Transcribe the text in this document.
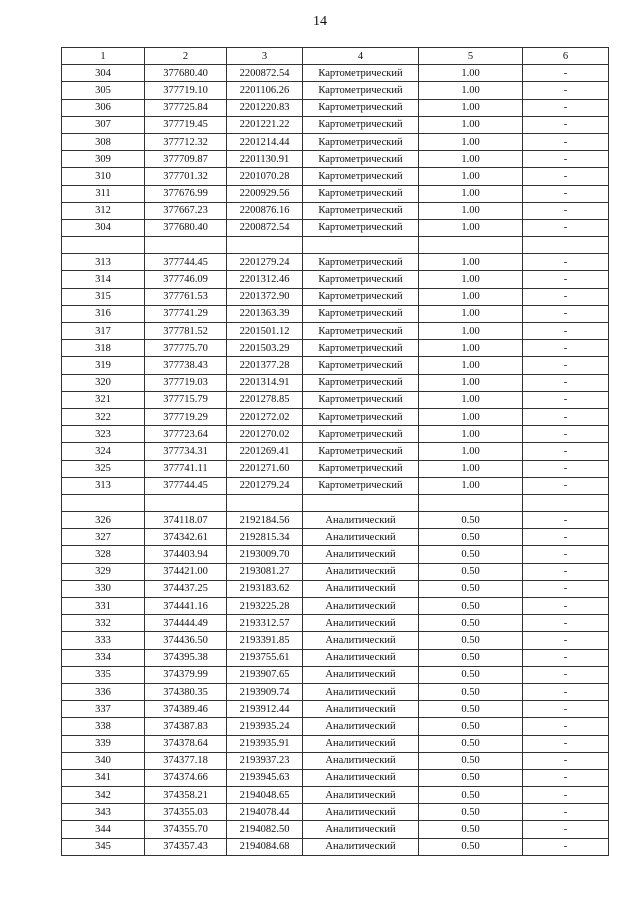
14
1	2	3	4	5	6
304	377680.40	2200872.54	Картометрический	1.00	-
305	377719.10	2201106.26	Картометрический	1.00	-
306	377725.84	2201220.83	Картометрический	1.00	-
307	377719.45	2201221.22	Картометрический	1.00	-
308	377712.32	2201214.44	Картометрический	1.00	-
309	377709.87	2201130.91	Картометрический	1.00	-
310	377701.32	2201070.28	Картометрический	1.00	-
311	377676.99	2200929.56	Картометрический	1.00	-
312	377667.23	2200876.16	Картометрический	1.00	-
304	377680.40	2200872.54	Картометрический	1.00	-

313	377744.45	2201279.24	Картометрический	1.00	-
314	377746.09	2201312.46	Картометрический	1.00	-
315	377761.53	2201372.90	Картометрический	1.00	-
316	377741.29	2201363.39	Картометрический	1.00	-
317	377781.52	2201501.12	Картометрический	1.00	-
318	377775.70	2201503.29	Картометрический	1.00	-
319	377738.43	2201377.28	Картометрический	1.00	-
320	377719.03	2201314.91	Картометрический	1.00	-
321	377715.79	2201278.85	Картометрический	1.00	-
322	377719.29	2201272.02	Картометрический	1.00	-
323	377723.64	2201270.02	Картометрический	1.00	-
324	377734.31	2201269.41	Картометрический	1.00	-
325	377741.11	2201271.60	Картометрический	1.00	-
313	377744.45	2201279.24	Картометрический	1.00	-

326	374118.07	2192184.56	Аналитический	0.50	-
327	374342.61	2192815.34	Аналитический	0.50	-
328	374403.94	2193009.70	Аналитический	0.50	-
329	374421.00	2193081.27	Аналитический	0.50	-
330	374437.25	2193183.62	Аналитический	0.50	-
331	374441.16	2193225.28	Аналитический	0.50	-
332	374444.49	2193312.57	Аналитический	0.50	-
333	374436.50	2193391.85	Аналитический	0.50	-
334	374395.38	2193755.61	Аналитический	0.50	-
335	374379.99	2193907.65	Аналитический	0.50	-
336	374380.35	2193909.74	Аналитический	0.50	-
337	374389.46	2193912.44	Аналитический	0.50	-
338	374387.83	2193935.24	Аналитический	0.50	-
339	374378.64	2193935.91	Аналитический	0.50	-
340	374377.18	2193937.23	Аналитический	0.50	-
341	374374.66	2193945.63	Аналитический	0.50	-
342	374358.21	2194048.65	Аналитический	0.50	-
343	374355.03	2194078.44	Аналитический	0.50	-
344	374355.70	2194082.50	Аналитический	0.50	-
345	374357.43	2194084.68	Аналитический	0.50	-
